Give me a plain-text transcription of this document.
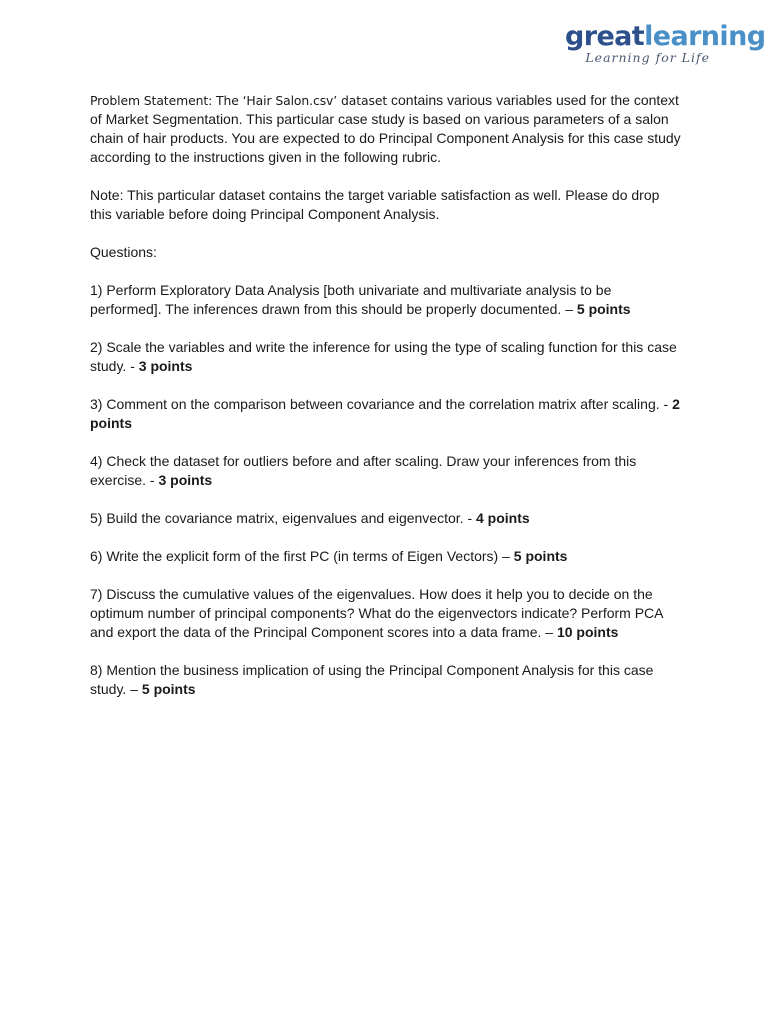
greatlearning
Learning for Life

Problem Statement: The ‘Hair Salon.csv’ dataset contains various variables used for the context of Market Segmentation. This particular case study is based on various parameters of a salon chain of hair products. You are expected to do Principal Component Analysis for this case study according to the instructions given in the following rubric.

Note: This particular dataset contains the target variable satisfaction as well. Please do drop this variable before doing Principal Component Analysis.

Questions:

1) Perform Exploratory Data Analysis [both univariate and multivariate analysis to be performed]. The inferences drawn from this should be properly documented. – 5 points

2) Scale the variables and write the inference for using the type of scaling function for this case study. - 3 points

3) Comment on the comparison between covariance and the correlation matrix after scaling. - 2 points

4) Check the dataset for outliers before and after scaling. Draw your inferences from this exercise. - 3 points

5) Build the covariance matrix, eigenvalues and eigenvector. - 4 points

6) Write the explicit form of the first PC (in terms of Eigen Vectors) – 5 points

7) Discuss the cumulative values of the eigenvalues. How does it help you to decide on the optimum number of principal components? What do the eigenvectors indicate? Perform PCA and export the data of the Principal Component scores into a data frame. – 10 points

8) Mention the business implication of using the Principal Component Analysis for this case study. – 5 points
